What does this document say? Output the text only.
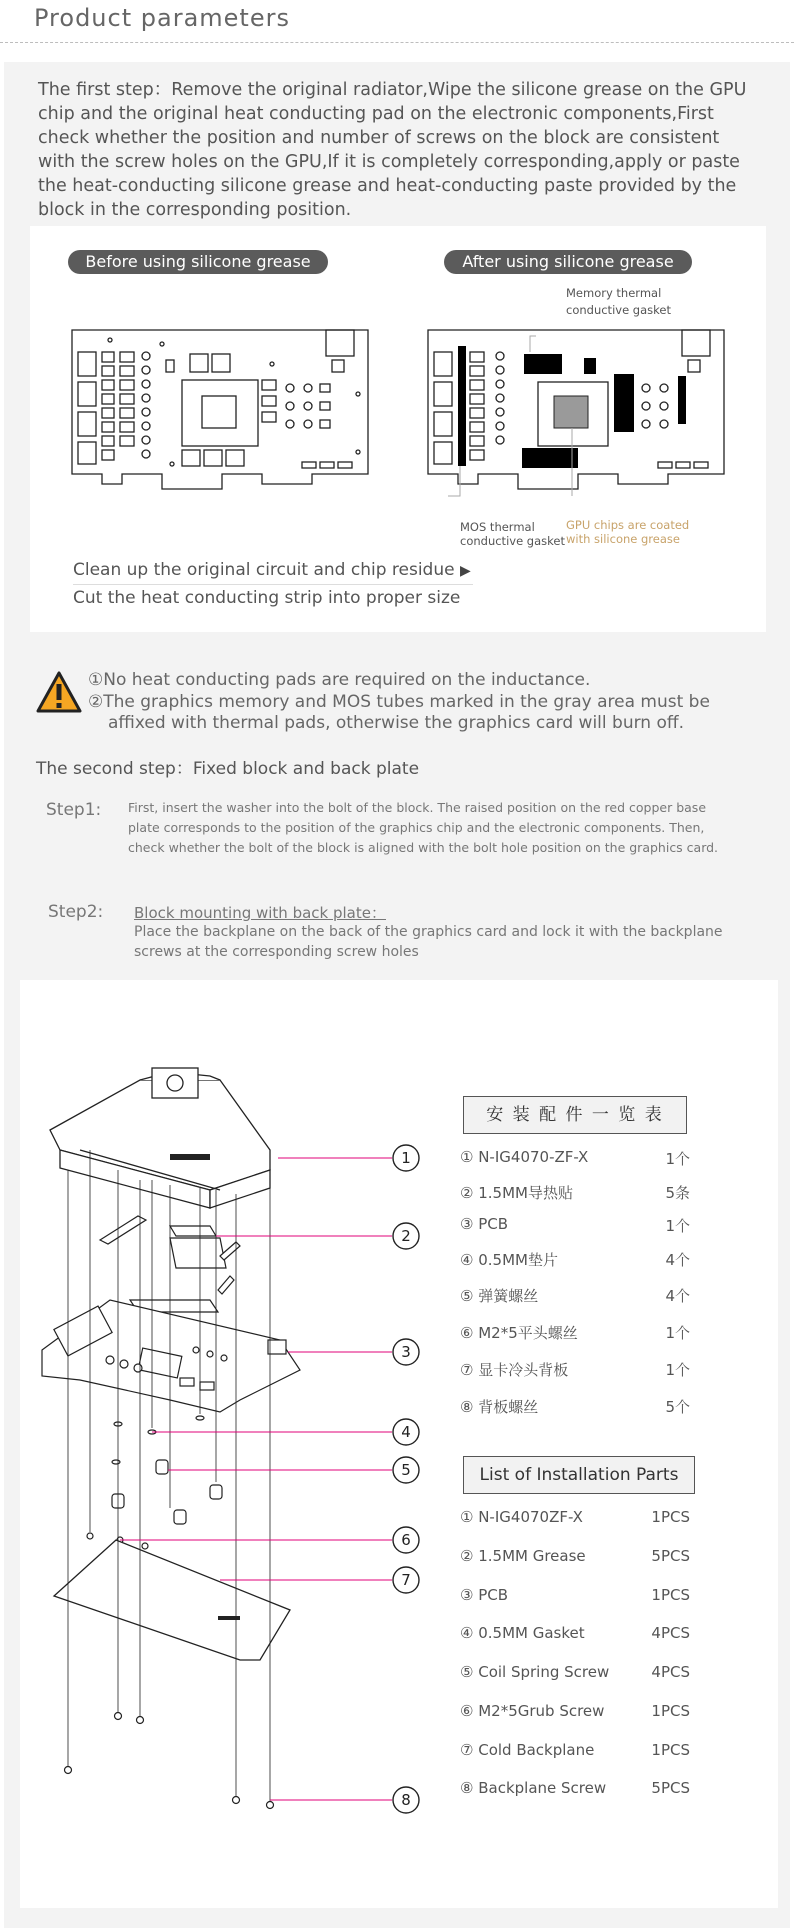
Product parameters
The first step：Remove the original radiator,Wipe the silicone grease on the GPU chip and the original heat conducting pad on the electronic components,First check whether the position and number of screws on the block are consistent with the screw holes on the GPU,If it is completely corresponding,apply or paste the heat-conducting silicone grease and heat-conducting paste provided by the block in the corresponding position.
Before using silicone grease	After using silicone grease
Memory thermal
conductive gasket
MOS thermal
conductive gasket
GPU chips are coated
with silicone grease
Clean up the original circuit and chip residue ▶
Cut the heat conducting strip into proper size
①No heat conducting pads are required on the inductance.
②The graphics memory and MOS tubes marked in the gray area must be
affixed with thermal pads, otherwise the graphics card will burn off.
The second step：Fixed block and back plate
Step1: First, insert the washer into the bolt of the block. The raised position on the red copper base plate corresponds to the position of the graphics chip and the electronic components. Then, check whether the bolt of the block is aligned with the bolt hole position on the graphics card.
Step2: Block mounting with back plate：
Place the backplane on the back of the graphics card and lock it with the backplane screws at the corresponding screw holes
1
2
3
4
5
6
7
8
安 装 配 件 一 览 表
① N-IG4070-ZF-X	1个
② 1.5MM导热贴	5条
③ PCB	1个
④ 0.5MM垫片	4个
⑤ 弹簧螺丝	4个
⑥ M2*5平头螺丝	1个
⑦ 显卡冷头背板	1个
⑧ 背板螺丝	5个
List of Installation Parts
① N-IG4070ZF-X	1PCS
② 1.5MM Grease	5PCS
③ PCB	1PCS
④ 0.5MM Gasket	4PCS
⑤ Coil Spring Screw	4PCS
⑥ M2*5Grub Screw	1PCS
⑦ Cold Backplane	1PCS
⑧ Backplane Screw	5PCS
